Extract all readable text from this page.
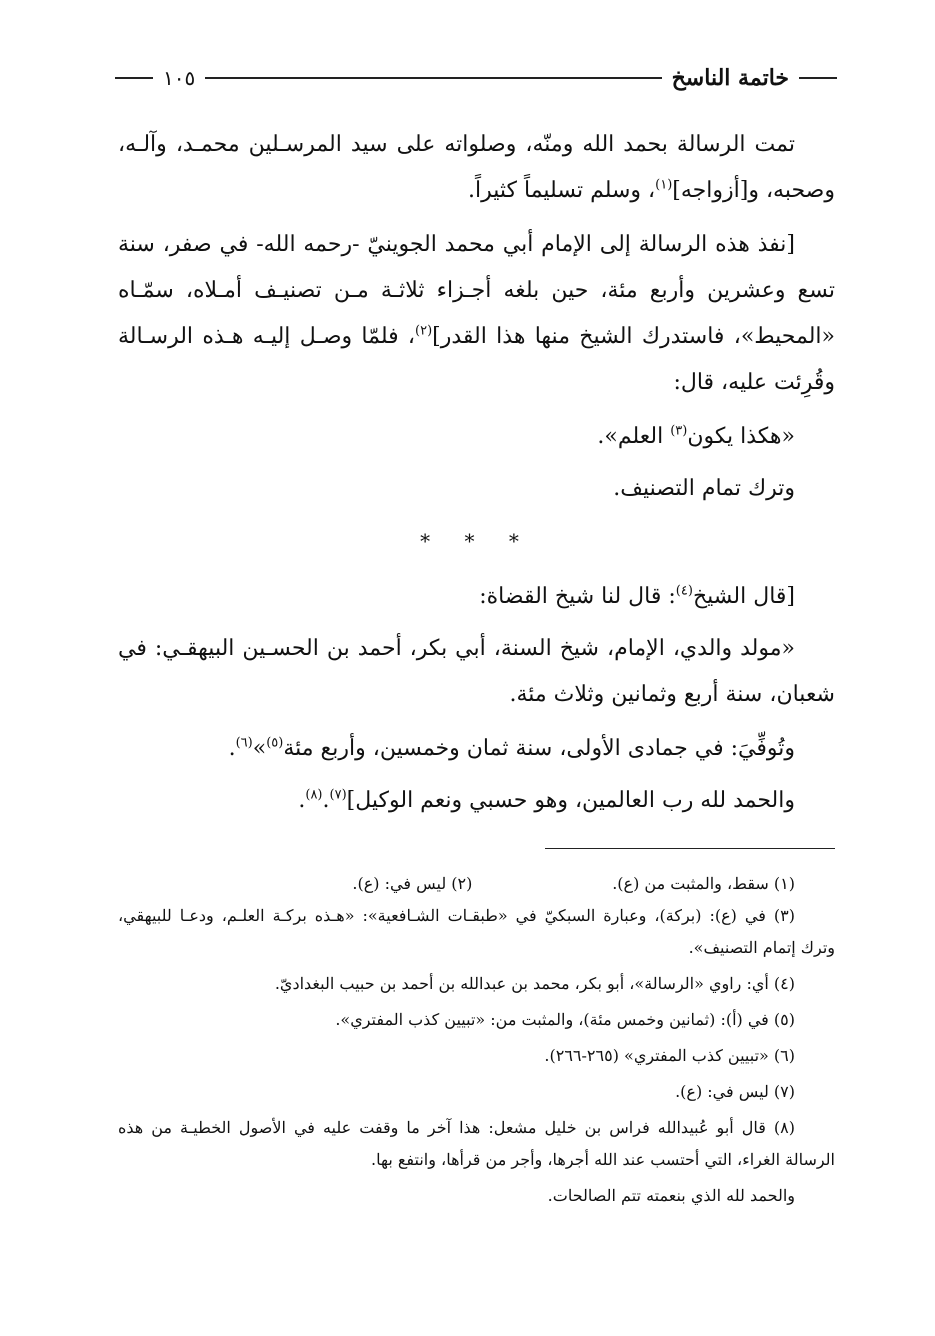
خاتمة الناسخ
١٠٥

تمت الرسالة بحمد الله ومنّه، وصلواته على سيد المرسـلين محمـد، وآلـه، وصحبه، و[أزواجه]$^{(١)}$، وسلم تسليماً كثيراً.

[نفذ هذه الرسالة إلى الإمام أبي محمد الجوينيّ -رحمه الله- في صفر، سنة تسع وعشرين وأربع مئة، حين بلغه أجـزاء ثلاثـة مـن تصنيـف أمـلاه، سمّـاه «المحيط»، فاستدرك الشيخ منها هذا القدر]$^{(٢)}$، فلمّا وصـل إليـه هـذه الرسـالة وقُرِئت عليه، قال:

«هكذا يكون$^{(٣)}$ العلم».

وترك تمام التصنيف.

* * *

[قال الشيخ$^{(٤)}$: قال لنا شيخ القضاة:

«مولد والدي، الإمام، شيخ السنة، أبي بكر، أحمد بن الحسـين البيهقـي: في شعبان، سنة أربع وثمانين وثلاث مئة.

وتُوفِّيَ: في جمادى الأولى، سنة ثمان وخمسين، وأربع مئة$^{(٥)}$»$^{(٦)}$.

والحمد لله رب العالمين، وهو حسبي ونعم الوكيل]$^{(٧)}$.$^{(٨)}$.

(١) سقط، والمثبت من (ع).
(٢) ليس في: (ع).

(٣) في (ع): (بركة)، وعبارة السبكيّ في «طبقـات الشـافعية»: «هـذه بركـة العلـم، ودعـا للبيهقي، وترك إتمام التصنيف».

(٤) أي: راوي «الرسالة»، أبو بكر، محمد بن عبدالله بن أحمد بن حبيب البغداديّ.

(٥) في (أ): (ثمانين وخمس مئة)، والمثبت من: «تبيين كذب المفتري».

(٦) «تبيين كذب المفتري» (٢٦٥-٢٦٦).

(٧) ليس في: (ع).

(٨) قال أبو عُبيدالله فراس بن خليل مشعل: هذا آخر ما وقفت عليه في الأصول الخطيـة من هذه الرسالة الغراء، التي أحتسب عند الله أجرها، وأجر من قرأها، وانتفع بها.

والحمد لله الذي بنعمته تتم الصالحات.
